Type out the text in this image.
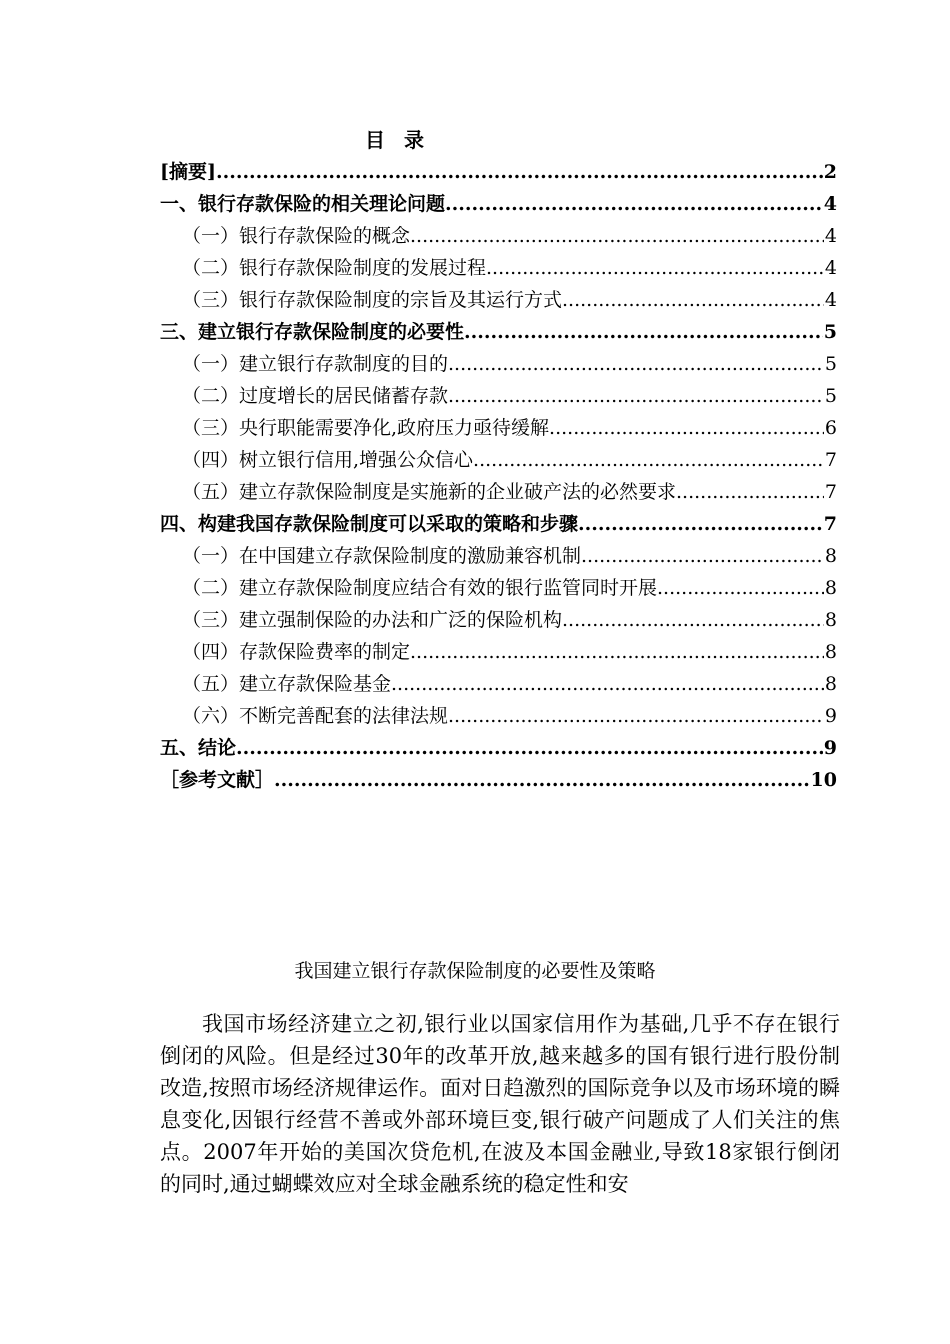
目 录
[摘要] .....	2
一、银行存款保险的相关理论问题 .....	4
（一）银行存款保险的概念 .....	4
（二）银行存款保险制度的发展过程 .....	4
（三）银行存款保险制度的宗旨及其运行方式 .....	4
三、建立银行存款保险制度的必要性 .....	5
（一）建立银行存款制度的目的 .....	5
（二）过度增长的居民储蓄存款 .....	5
（三）央行职能需要净化,政府压力亟待缓解 .....	6
（四）树立银行信用,增强公众信心 .....	7
（五）建立存款保险制度是实施新的企业破产法的必然要求 .....	7
四、构建我国存款保险制度可以采取的策略和步骤 .....	7
（一）在中国建立存款保险制度的激励兼容机制 .....	8
（二）建立存款保险制度应结合有效的银行监管同时开展 .....	8
（三）建立强制保险的办法和广泛的保险机构 .....	8
（四）存款保险费率的制定 .....	8
（五）建立存款保险基金 .....	8
（六）不断完善配套的法律法规 .....	9
五、结论 .....	9
［参考文献］ .....	10
我国建立银行存款保险制度的必要性及策略
我国市场经济建立之初,银行业以国家信用作为基础,几乎不存在银行倒闭的风险。但是经过30年的改革开放,越来越多的国有银行进行股份制改造,按照市场经济规律运作。面对日趋激烈的国际竞争以及市场环境的瞬息变化,因银行经营不善或外部环境巨变,银行破产问题成了人们关注的焦点。2007年开始的美国次贷危机,在波及本国金融业,导致18家银行倒闭的同时,通过蝴蝶效应对全球金融系统的稳定性和安
